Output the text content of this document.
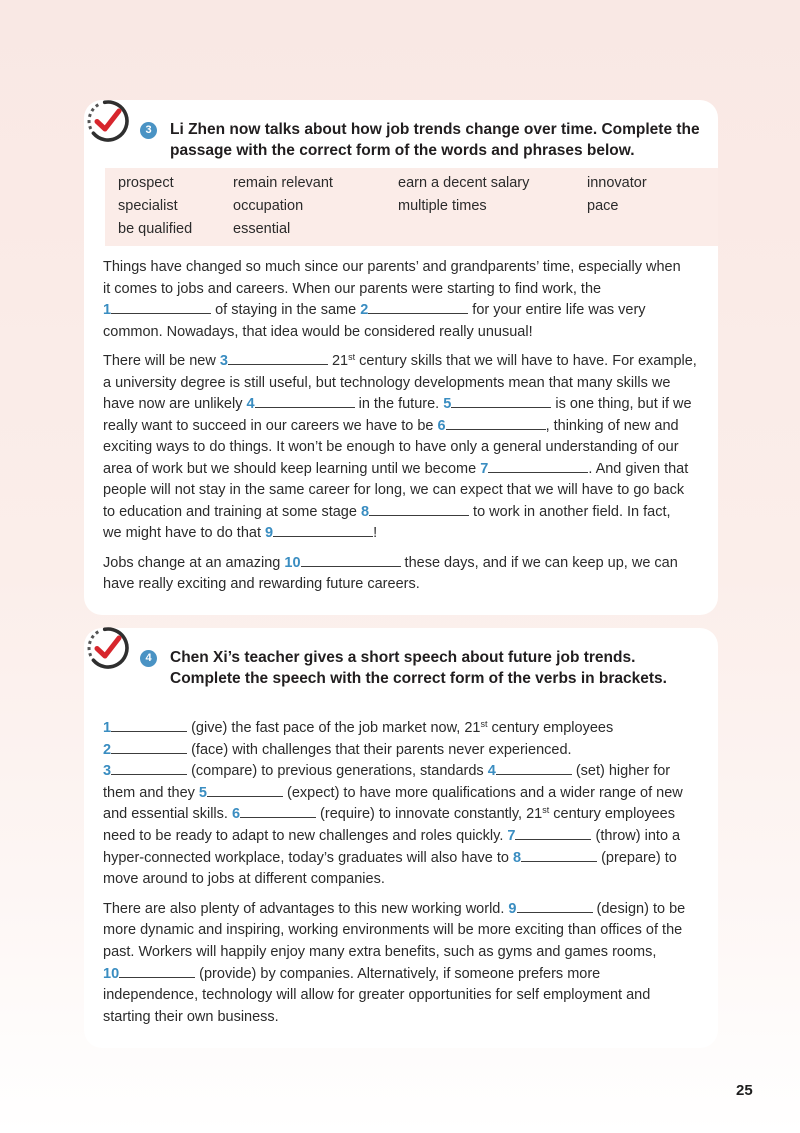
3	Li Zhen now talks about how job trends change over time. Complete the
passage with the correct form of the words and phrases below.
prospect	remain relevant	earn a decent salary	innovator
specialist	occupation	multiple times	pace
be qualified	essential
Things have changed so much since our parents’ and grandparents’ time, especially when
it comes to jobs and careers. When our parents were starting to find work, the
1	of staying in the same 2	for your entire life was very
common. Nowadays, that idea would be considered really unusual!
There will be new 3	21st century skills that we will have to have. For example,
a university degree is still useful, but technology developments mean that many skills we
have now are unlikely 4	in the future. 5	is one thing, but if we
really want to succeed in our careers we have to be 6	, thinking of new and
exciting ways to do things. It won’t be enough to have only a general understanding of our
area of work but we should keep learning until we become 7	. And given that
people will not stay in the same career for long, we can expect that we will have to go back
to education and training at some stage 8	to work in another field. In fact,
we might have to do that 9	!
Jobs change at an amazing 10	these days, and if we can keep up, we can
have really exciting and rewarding future careers.
4	Chen Xi’s teacher gives a short speech about future job trends.
Complete the speech with the correct form of the verbs in brackets.
1	(give) the fast pace of the job market now, 21st century employees
2	(face) with challenges that their parents never experienced.
3	(compare) to previous generations, standards 4	(set) higher for
them and they 5	(expect) to have more qualifications and a wider range of new
and essential skills. 6	(require) to innovate constantly, 21st century employees
need to be ready to adapt to new challenges and roles quickly. 7	(throw) into a
hyper-connected workplace, today’s graduates will also have to 8	(prepare) to
move around to jobs at different companies.
There are also plenty of advantages to this new working world. 9	(design) to be
more dynamic and inspiring, working environments will be more exciting than offices of the
past. Workers will happily enjoy many extra benefits, such as gyms and games rooms,
10	(provide) by companies. Alternatively, if someone prefers more
independence, technology will allow for greater opportunities for self employment and
starting their own business.
25
